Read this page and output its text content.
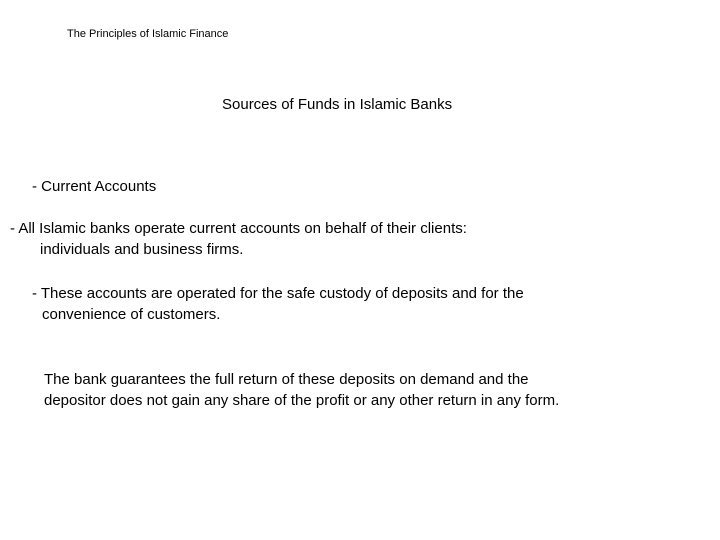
The Principles of Islamic Finance
Sources of Funds in Islamic Banks
- Current Accounts
- All Islamic banks operate current accounts on behalf of their clients:
individuals and business firms.
- These accounts are operated for the safe custody of deposits and for the
convenience of customers.
The bank guarantees the full return of these deposits on demand and the
depositor does not gain any share of the profit or any other return in any form.
